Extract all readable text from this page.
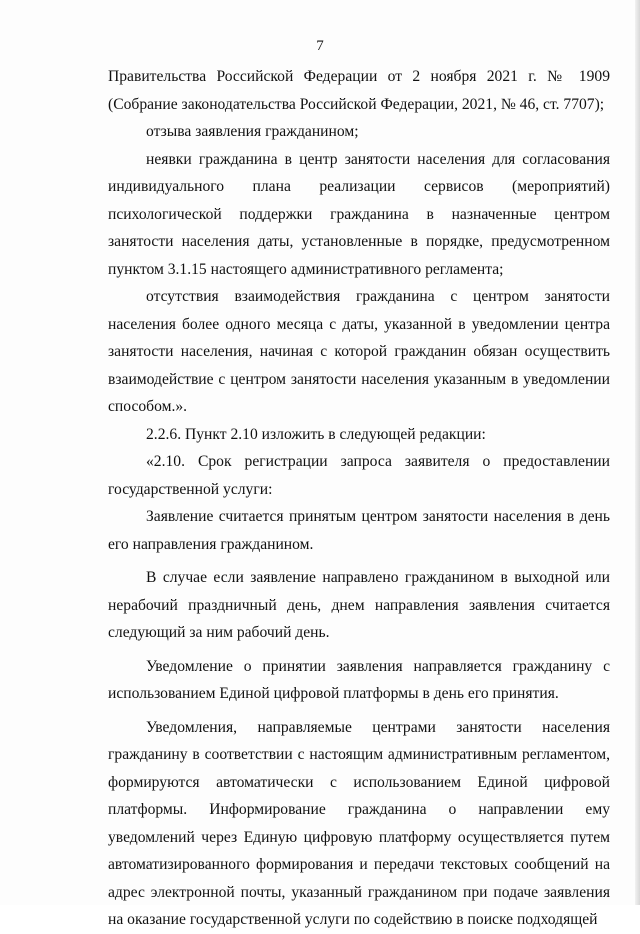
7

Правительства Российской Федерации от 2 ноября 2021 г. № 1909 (Собрание законодательства Российской Федерации, 2021, № 46, ст. 7707);

отзыва заявления гражданином;

неявки гражданина в центр занятости населения для согласования индивидуального плана реализации сервисов (мероприятий) психологической поддержки гражданина в назначенные центром занятости населения даты, установленные в порядке, предусмотренном пунктом 3.1.15 настоящего административного регламента;

отсутствия взаимодействия гражданина с центром занятости населения более одного месяца с даты, указанной в уведомлении центра занятости населения, начиная с которой гражданин обязан осуществить взаимодействие с центром занятости населения указанным в уведомлении способом.».

2.2.6. Пункт 2.10 изложить в следующей редакции:

«2.10. Срок регистрации запроса заявителя о предоставлении государственной услуги:

Заявление считается принятым центром занятости населения в день его направления гражданином.

В случае если заявление направлено гражданином в выходной или нерабочий праздничный день, днем направления заявления считается следующий за ним рабочий день.

Уведомление о принятии заявления направляется гражданину с использованием Единой цифровой платформы в день его принятия.

Уведомления, направляемые центрами занятости населения гражданину в соответствии с настоящим административным регламентом, формируются автоматически с использованием Единой цифровой платформы. Информирование гражданина о направлении ему уведомлений через Единую цифровую платформу осуществляется путем автоматизированного формирования и передачи текстовых сообщений на адрес электронной почты, указанный гражданином при подаче заявления на оказание государственной услуги по содействию в поиске подходящей
